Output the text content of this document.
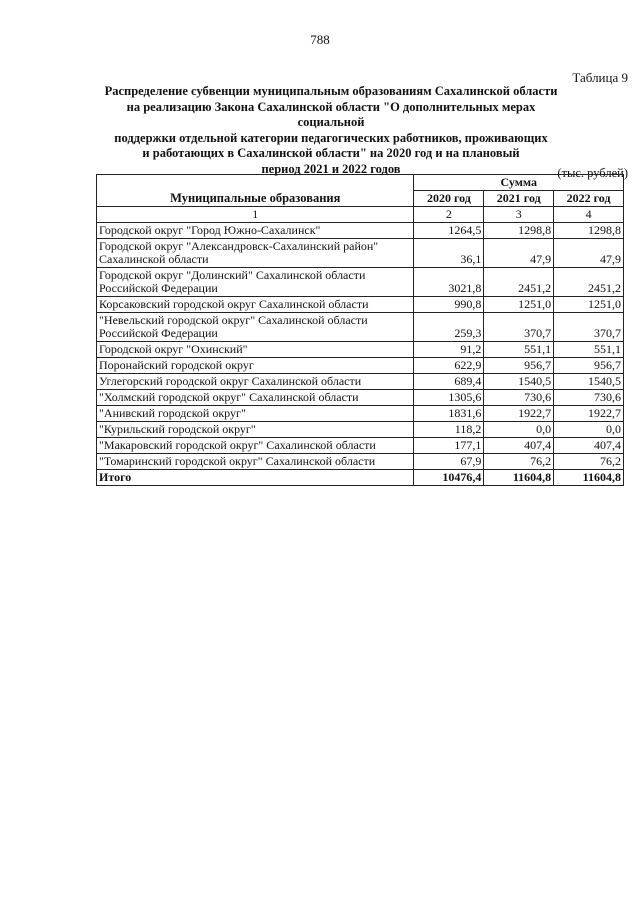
788
Таблица 9
Распределение субвенции муниципальным образованиям Сахалинской области
на реализацию Закона Сахалинской области "О дополнительных мерах социальной
поддержки отдельной категории педагогических работников, проживающих
и работающих в Сахалинской области" на 2020 год и на плановый
период 2021 и 2022 годов	(тыс. рублей)
Муниципальные образования	Сумма		
	2020 год	2021 год	2022 год
1	2	3	4
Городской округ "Город Южно-Сахалинск"	1264,5	1298,8	1298,8
Городской округ "Александровск-Сахалинский район" Сахалинской области	36,1	47,9	47,9
Городской округ "Долинский" Сахалинской области Российской Федерации	3021,8	2451,2	2451,2
Корсаковский городской округ Сахалинской области	990,8	1251,0	1251,0
"Невельский городской округ" Сахалинской области Российской Федерации	259,3	370,7	370,7
Городской округ "Охинский"	91,2	551,1	551,1
Поронайский городской округ	622,9	956,7	956,7
Углегорский городской округ Сахалинской области	689,4	1540,5	1540,5
"Холмский городской округ" Сахалинской области	1305,6	730,6	730,6
"Анивский городской округ"	1831,6	1922,7	1922,7
"Курильский городской округ"	118,2	0,0	0,0
"Макаровский городской округ" Сахалинской области	177,1	407,4	407,4
"Томаринский городской округ" Сахалинской области	67,9	76,2	76,2
Итого	10476,4	11604,8	11604,8
